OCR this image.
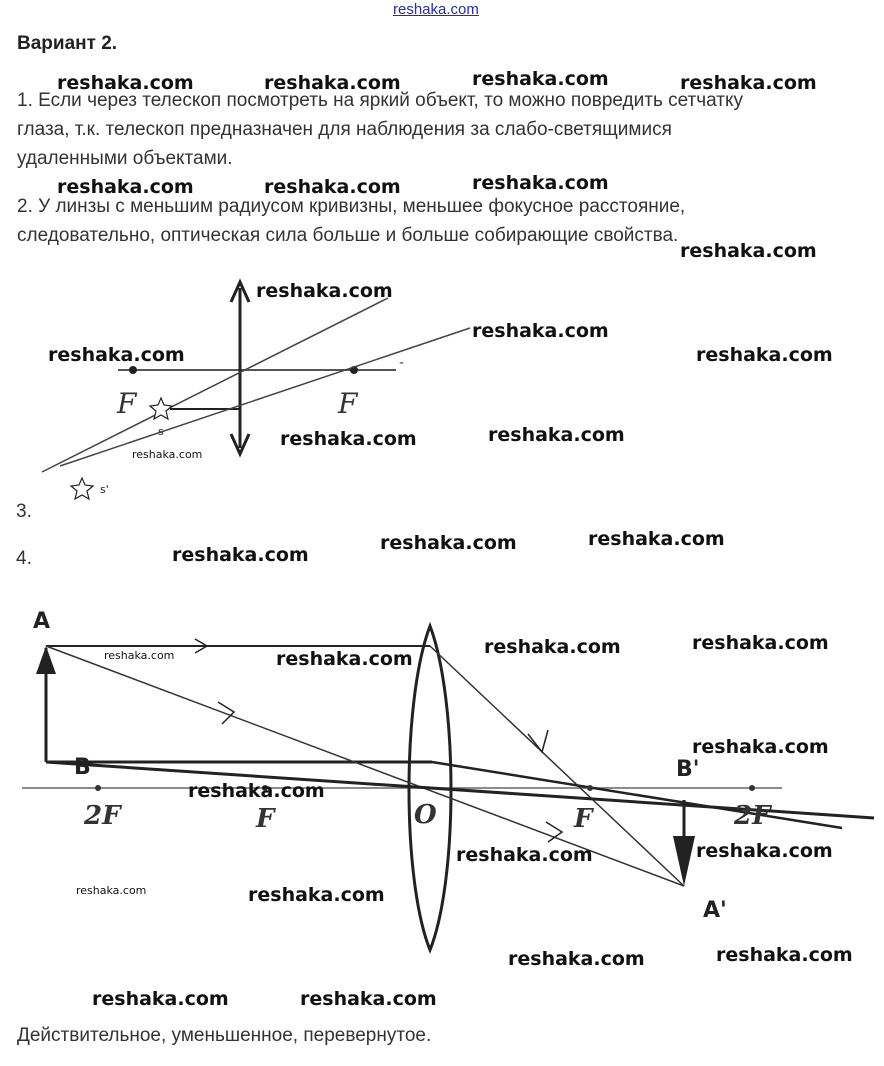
reshaka.com
Вариант 2.
1. Если через телескоп посмотреть на яркий объект, то можно повредить сетчатку
глаза, т.к. телескоп предназначен для наблюдения за слабо-светящимися
удаленными объектами.
2. У линзы с меньшим радиусом кривизны, меньшее фокусное расстояние,
следовательно, оптическая сила больше и больше собирающие свойства.
F	F
-
s
s'
3.
4.
A
B	B'
A'
2F	F	O	F	2F
Действительное, уменьшенное, перевернутое.
reshaka.com	reshaka.com	reshaka.com	reshaka.com
reshaka.com	reshaka.com	reshaka.com
reshaka.com
reshaka.com
reshaka.com
reshaka.com	reshaka.com
reshaka.com	reshaka.com
reshaka.com
reshaka.com	reshaka.com
reshaka.com
reshaka.com	reshaka.com
reshaka.com
reshaka.com
reshaka.com	reshaka.com
reshaka.com
reshaka.com	reshaka.com
reshaka.com	reshaka.com
reshaka.com
reshaka.com
reshaka.com
